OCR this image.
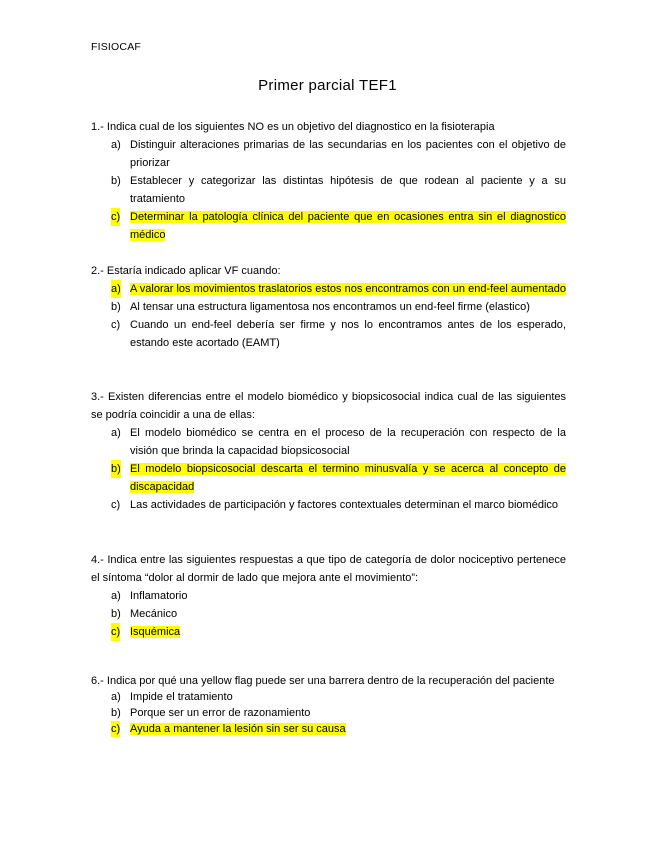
FISIOCAF
Primer parcial TEF1

1.- Indica cual de los siguientes NO es un objetivo del diagnostico en la fisioterapia

a) Distinguir alteraciones primarias de las secundarias en los pacientes con el objetivo de priorizar
b) Establecer y categorizar las distintas hipótesis de que rodean al paciente y a su tratamiento
c) Determinar la patología clínica del paciente que en ocasiones entra sin el diagnostico médico

2.- Estaría indicado aplicar VF cuando:

a) A valorar los movimientos traslatorios estos nos encontramos con un end-feel aumentado
b) Al tensar una estructura ligamentosa nos encontramos un end-feel firme (elastico)
c) Cuando un end-feel debería ser firme y nos lo encontramos antes de los esperado, estando este acortado (EAMT)

3.- Existen diferencias entre el modelo biomédico y biopsicosocial indica cual de las siguientes se podría coincidir a una de ellas:

a) El modelo biomédico se centra en el proceso de la recuperación con respecto de la visión que brinda la capacidad biopsicosocial
b) El modelo biopsicosocial descarta el termino minusvalía y se acerca al concepto de discapacidad
c) Las actividades de participación y factores contextuales determinan el marco biomédico

4.- Indica entre las siguientes respuestas a que tipo de categoría de dolor nociceptivo pertenece el síntoma “dolor al dormir de lado que mejora ante el movimiento”:

a) Inflamatorio
b) Mecánico
c) Isquémica

6.- Indica por qué una yellow flag puede ser una barrera dentro de la recuperación del paciente

a) Impide el tratamiento
b) Porque ser un error de razonamiento
c) Ayuda a mantener la lesión sin ser su causa
